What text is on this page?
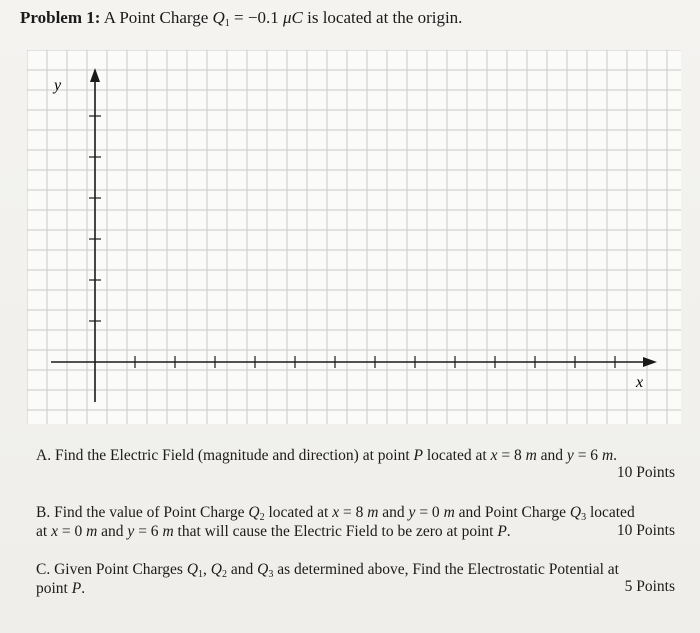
Problem 1: A Point Charge $Q_1 = -0.1$ μC is located at the origin.
y
x
A. Find the Electric Field (magnitude and direction) at point P located at x = 8 m and y = 6 m.
10 Points
B. Find the value of Point Charge $Q_2$ located at x = 8 m and y = 0 m and Point Charge $Q_3$ located
at x = 0 m and y = 6 m that will cause the Electric Field to be zero at point P.	10 Points
C. Given Point Charges $Q_1$, $Q_2$ and $Q_3$ as determined above, Find the Electrostatic Potential at
point P.	5 Points
